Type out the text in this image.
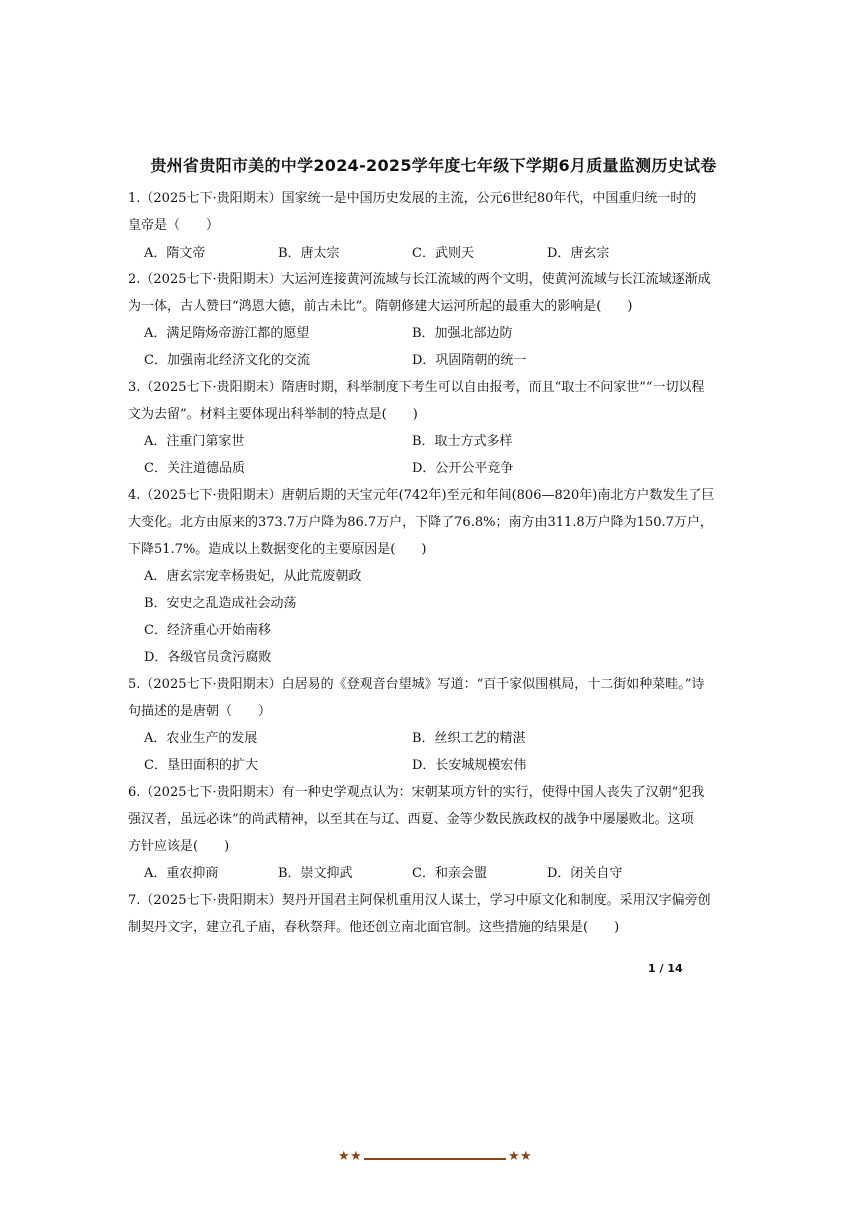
贵州省贵阳市美的中学2024-2025学年度七年级下学期6月质量监测历史试卷
1.（2025七下·贵阳期末）国家统一是中国历史发展的主流，公元6世纪80年代，中国重归统一时的
皇帝是（　　）
A．隋文帝	B．唐太宗	C．武则天	D．唐玄宗
2.（2025七下·贵阳期末）大运河连接黄河流域与长江流域的两个文明，使黄河流域与长江流域逐渐成
为一体，古人赞曰“鸿恩大德，前古未比”。隋朝修建大运河所起的最重大的影响是(　　)
A．满足隋炀帝游江都的愿望	B．加强北部边防
C．加强南北经济文化的交流	D．巩固隋朝的统一
3.（2025七下·贵阳期末）隋唐时期，科举制度下考生可以自由报考，而且“取士不问家世”“一切以程
文为去留”。材料主要体现出科举制的特点是(　　)
A．注重门第家世	B．取士方式多样
C．关注道德品质	D．公开公平竞争
4.（2025七下·贵阳期末）唐朝后期的天宝元年(742年)至元和年间(806—820年)南北方户数发生了巨
大变化。北方由原来的373.7万户降为86.7万户，下降了76.8%；南方由311.8万户降为150.7万户，
下降51.7%。造成以上数据变化的主要原因是(　　)
A．唐玄宗宠幸杨贵妃，从此荒废朝政
B．安史之乱造成社会动荡
C．经济重心开始南移
D．各级官员贪污腐败
5.（2025七下·贵阳期末）白居易的《登观音台望城》写道：“百千家似围棋局，十二街如种菜畦。”诗
句描述的是唐朝（　　）
A．农业生产的发展	B．丝织工艺的精湛
C．垦田面积的扩大	D．长安城规模宏伟
6.（2025七下·贵阳期末）有一种史学观点认为：宋朝某项方针的实行，使得中国人丧失了汉朝“犯我
强汉者，虽远必诛”的尚武精神，以至其在与辽、西夏、金等少数民族政权的战争中屡屡败北。这项
方针应该是(　　)
A．重农抑商	B．崇文抑武	C．和亲会盟	D．闭关自守
7.（2025七下·贵阳期末）契丹开国君主阿保机重用汉人谋士，学习中原文化和制度。采用汉字偏旁创
制契丹文字，建立孔子庙，春秋祭拜。他还创立南北面官制。这些措施的结果是(　　)
1 / 14
★ ★	★ ★
